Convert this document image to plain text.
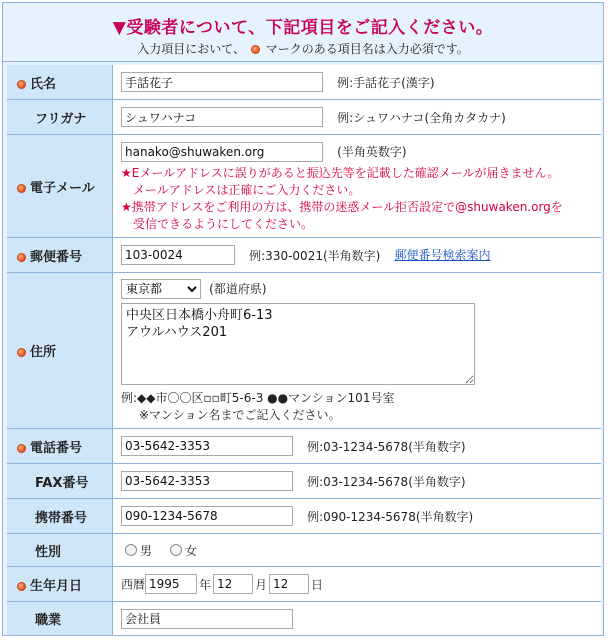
▼受験者について、下記項目をご記入ください。
入力項目において、 マークのある項目名は入力必須です。
氏名	手話花子例:手話花子(漢字)
フリガナ	シュワハナコ例:シュワハナコ(全角カタカナ)
電子メール	
hanako@shuwaken.org (半角英数字)
★Eメールアドレスに誤りがあると振込先等を記載した確認メールが届きません。
メールアドレスは正確にご入力ください。
★携帯アドレスをご利用の方は、携帯の迷惑メール拒否設定で@shuwaken.orgを
受信できるようにしてください。

郵便番号	103-0024例:330-0021(半角数字) 郵便番号検索案内
住所	
東京都 (都道府県)
中央区日本橋小舟町6-13 アウルハウス201
例:◆◆市〇〇区▫▫町5-6-3 ●●マンション101号室
※マンション名までご記入ください。

電話番号	03-5642-3353例:03-1234-5678(半角数字)
FAX番号	03-5642-3353例:03-1234-5678(半角数字)
携帯番号	090-1234-5678例:090-1234-5678(半角数字)
性別	男 女
生年月日	西暦1995 年12 月12 日
職業	会社員
